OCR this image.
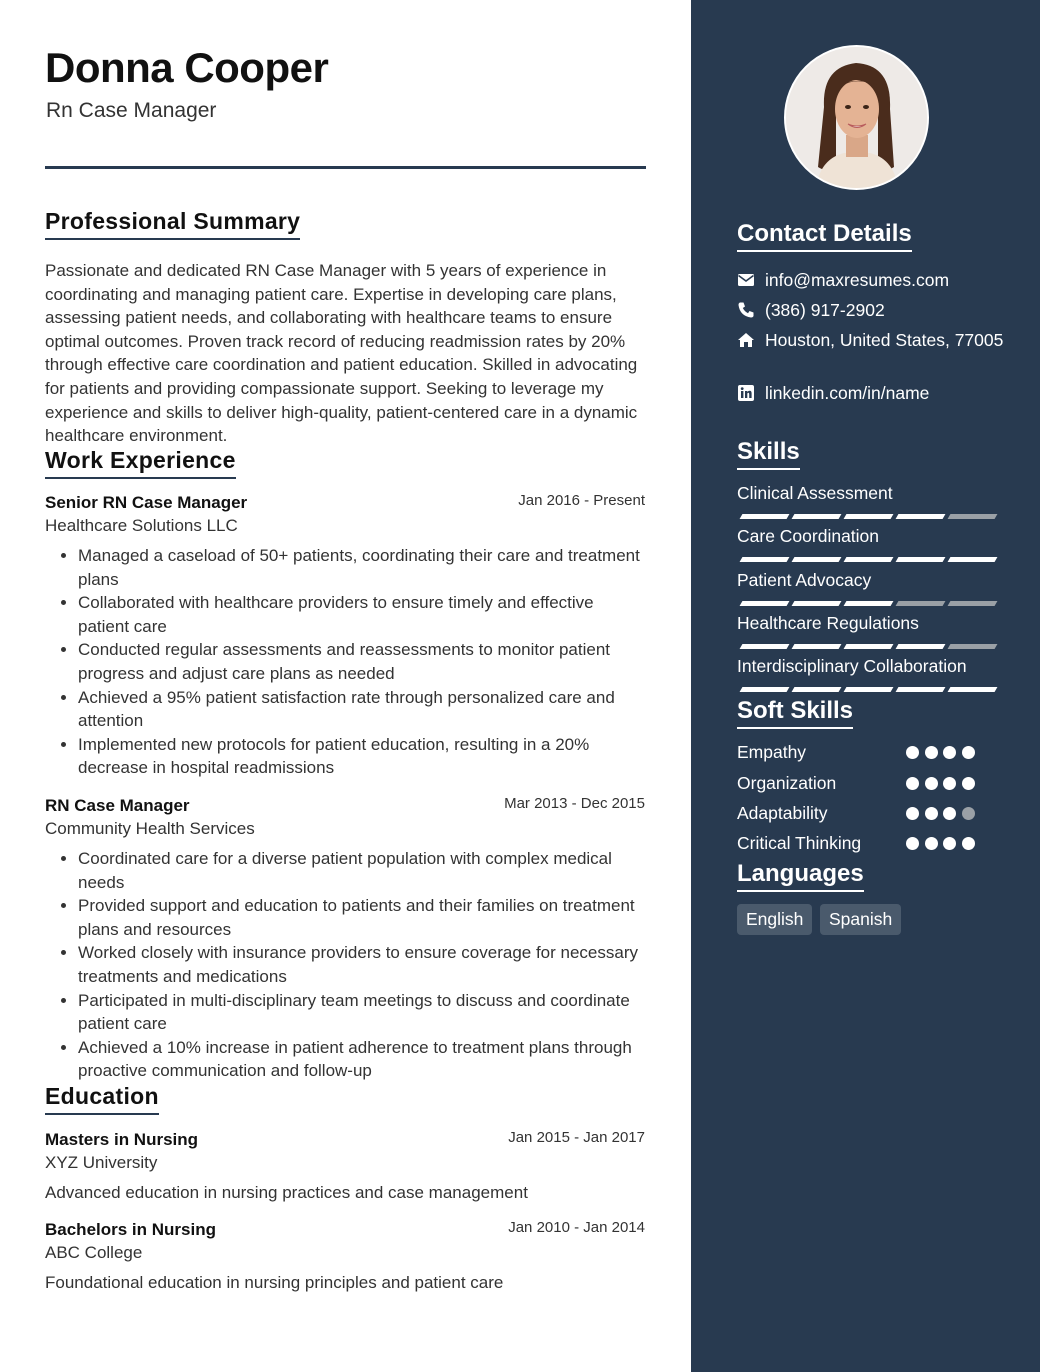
Donna Cooper
Rn Case Manager
Professional Summary
Passionate and dedicated RN Case Manager with 5 years of experience in coordinating and managing patient care. Expertise in developing care plans, assessing patient needs, and collaborating with healthcare teams to ensure optimal outcomes. Proven track record of reducing readmission rates by 20% through effective care coordination and patient education. Skilled in advocating for patients and providing compassionate support. Seeking to leverage my experience and skills to deliver high-quality, patient-centered care in a dynamic healthcare environment.
Work Experience
Senior RN Case Manager	Jan 2016 - Present
Healthcare Solutions LLC
• Managed a caseload of 50+ patients, coordinating their care and treatment plans
• Collaborated with healthcare providers to ensure timely and effective patient care
• Conducted regular assessments and reassessments to monitor patient progress and adjust care plans as needed
• Achieved a 95% patient satisfaction rate through personalized care and attention
• Implemented new protocols for patient education, resulting in a 20% decrease in hospital readmissions
RN Case Manager	Mar 2013 - Dec 2015
Community Health Services
• Coordinated care for a diverse patient population with complex medical needs
• Provided support and education to patients and their families on treatment plans and resources
• Worked closely with insurance providers to ensure coverage for necessary treatments and medications
• Participated in multi-disciplinary team meetings to discuss and coordinate patient care
• Achieved a 10% increase in patient adherence to treatment plans through proactive communication and follow-up
Education
Masters in Nursing	Jan 2015 - Jan 2017
XYZ University
Advanced education in nursing practices and case management
Bachelors in Nursing	Jan 2010 - Jan 2014
ABC College
Foundational education in nursing principles and patient care
Contact Details
info@maxresumes.com
(386) 917-2902
Houston, United States, 77005
linkedin.com/in/name
Skills
Clinical Assessment
Care Coordination
Patient Advocacy
Healthcare Regulations
Interdisciplinary Collaboration
Soft Skills
Empathy
Organization
Adaptability
Critical Thinking
Languages
English	Spanish
